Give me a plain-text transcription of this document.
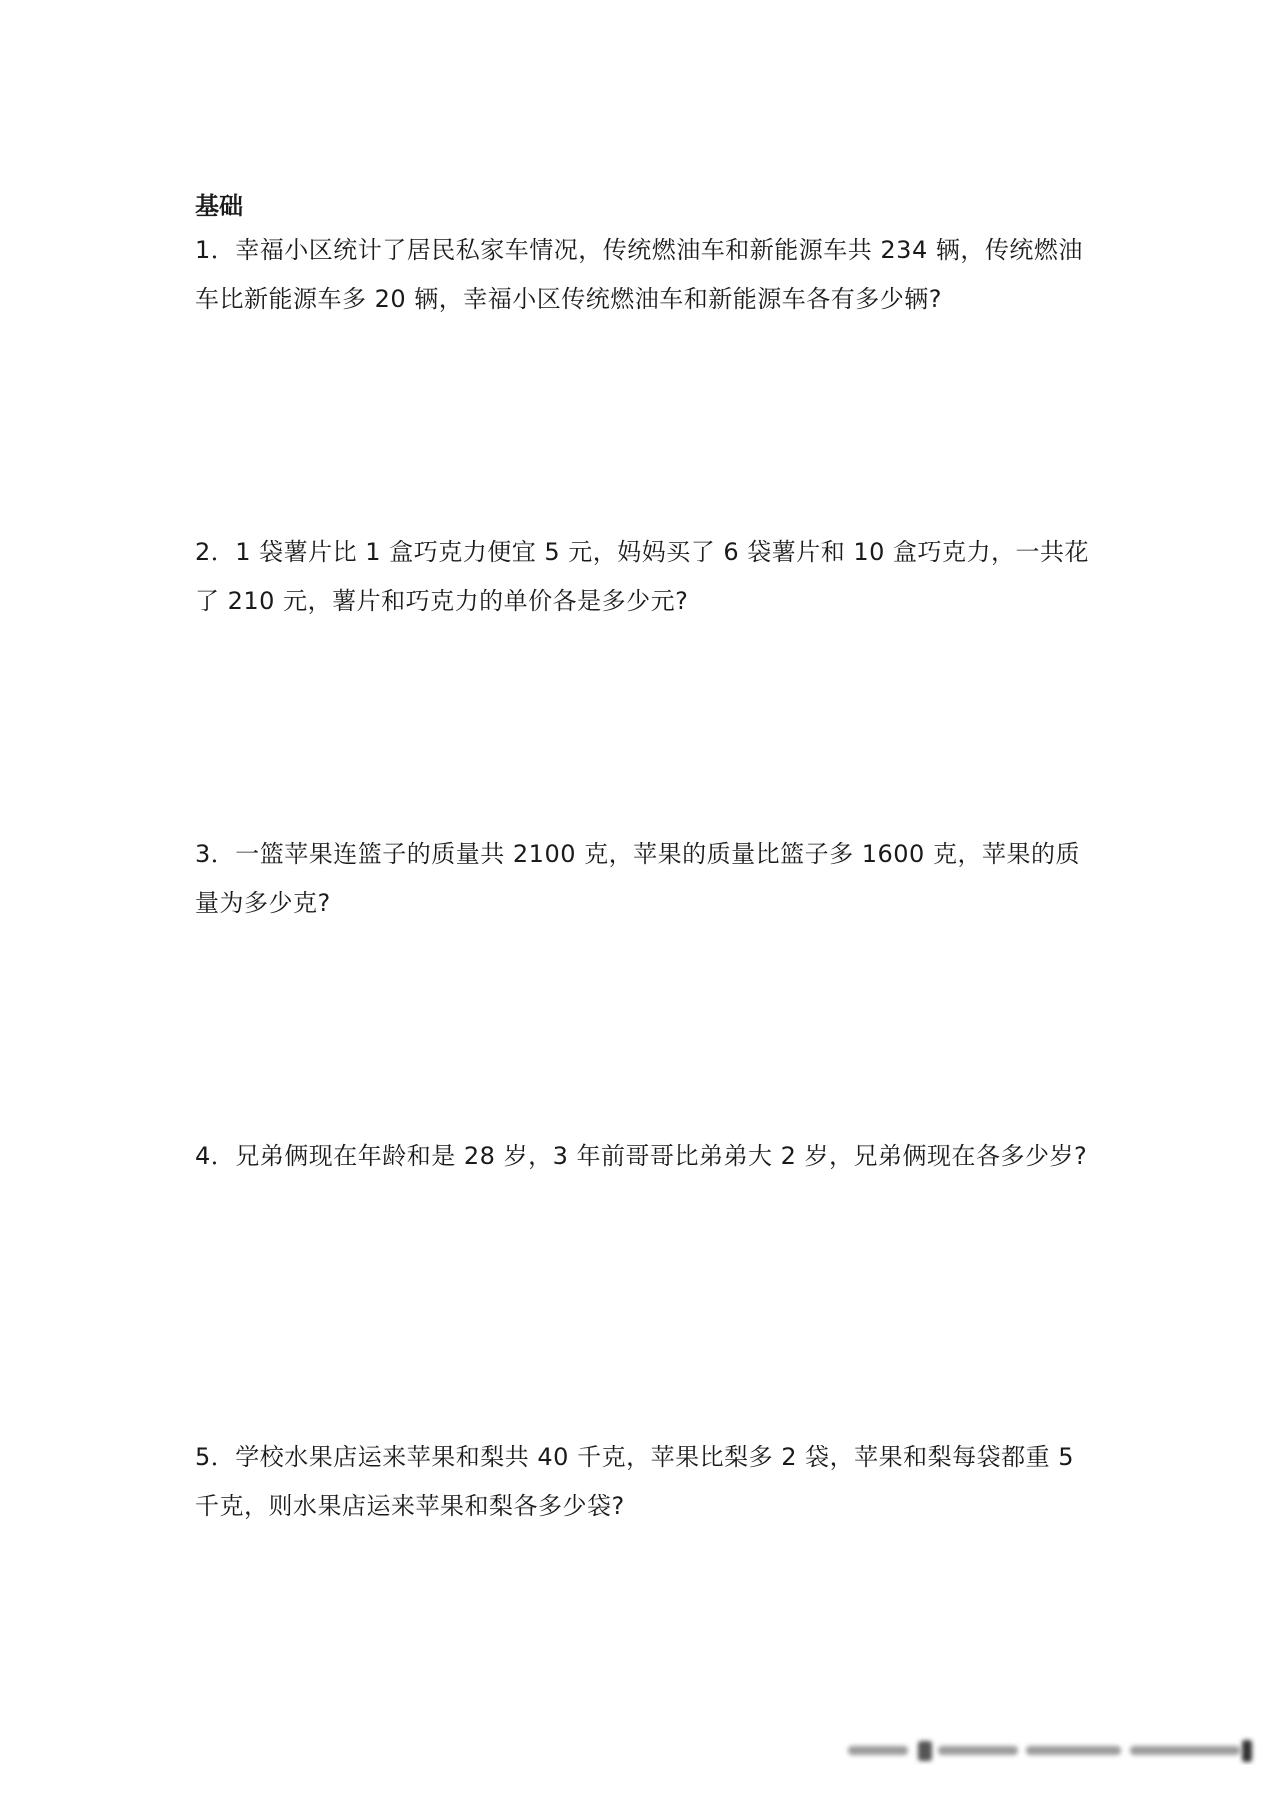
基础

1．幸福小区统计了居民私家车情况，传统燃油车和新能源车共 234 辆，传统燃油车比新能源车多 20 辆，幸福小区传统燃油车和新能源车各有多少辆?

2．1 袋薯片比 1 盒巧克力便宜 5 元，妈妈买了 6 袋薯片和 10 盒巧克力，一共花了 210 元，薯片和巧克力的单价各是多少元?

3．一篮苹果连篮子的质量共 2100 克，苹果的质量比篮子多 1600 克，苹果的质量为多少克?

4．兄弟俩现在年龄和是 28 岁，3 年前哥哥比弟弟大 2 岁，兄弟俩现在各多少岁?

5．学校水果店运来苹果和梨共 40 千克，苹果比梨多 2 袋，苹果和梨每袋都重 5 千克，则水果店运来苹果和梨各多少袋?
